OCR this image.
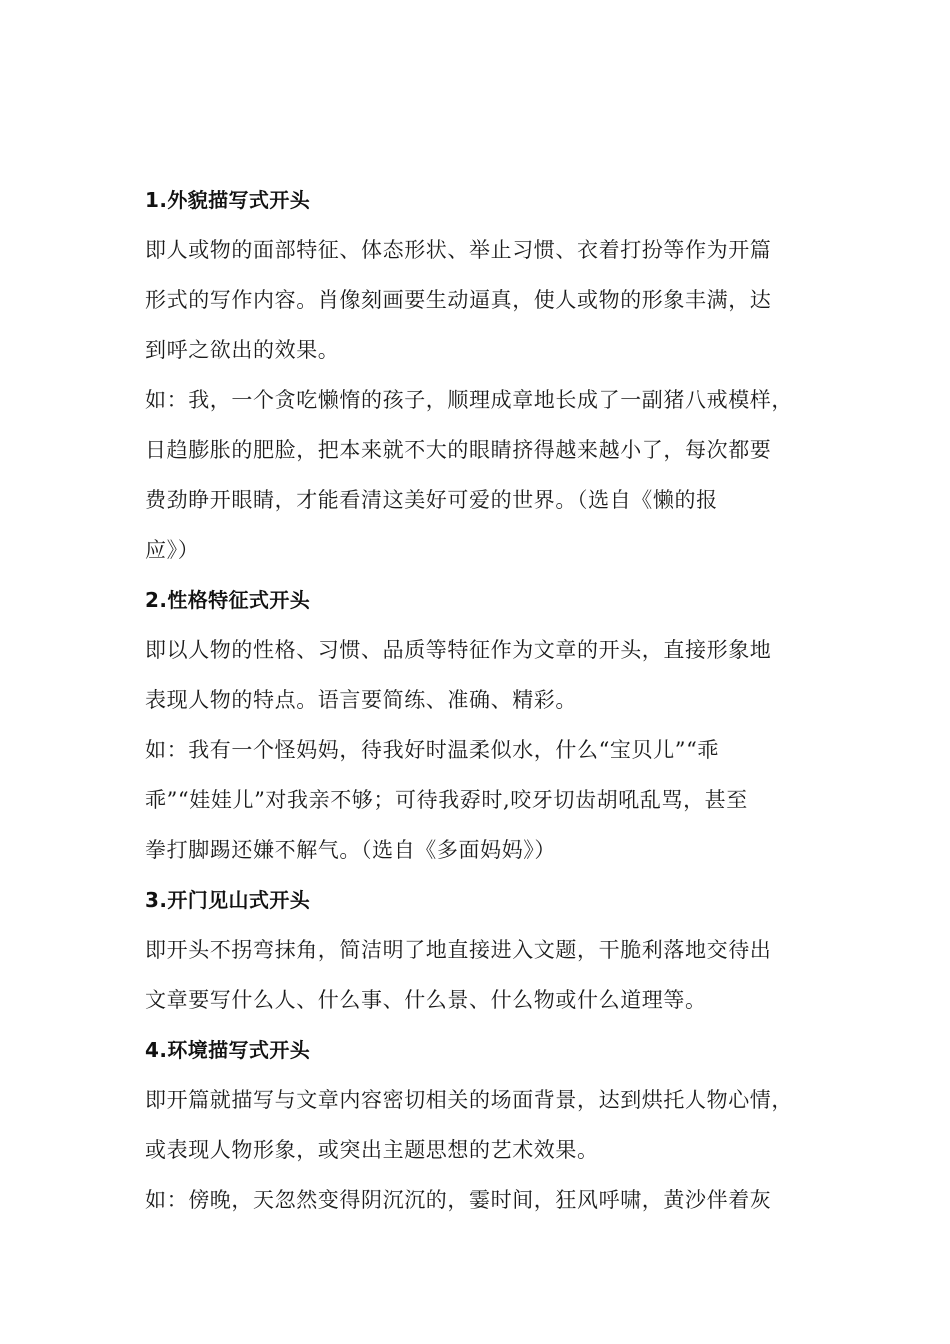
1.外貌描写式开头
即人或物的面部特征、体态形状、举止习惯、衣着打扮等作为开篇
形式的写作内容。肖像刻画要生动逼真，使人或物的形象丰满，达
到呼之欲出的效果。
如：我，一个贪吃懒惰的孩子，顺理成章地长成了一副猪八戒模样，
日趋膨胀的肥脸，把本来就不大的眼睛挤得越来越小了，每次都要
费劲睁开眼睛，才能看清这美好可爱的世界。（选自《懒的报
应》）
2.性格特征式开头
即以人物的性格、习惯、品质等特征作为文章的开头，直接形象地
表现人物的特点。语言要简练、准确、精彩。
如：我有一个怪妈妈，待我好时温柔似水，什么“宝贝儿”“乖
乖”“娃娃儿”对我亲不够；可待我孬时,咬牙切齿胡吼乱骂，甚至
拳打脚踢还嫌不解气。（选自《多面妈妈》）
3.开门见山式开头
即开头不拐弯抹角，简洁明了地直接进入文题，干脆利落地交待出
文章要写什么人、什么事、什么景、什么物或什么道理等。
4.环境描写式开头
即开篇就描写与文章内容密切相关的场面背景，达到烘托人物心情，
或表现人物形象，或突出主题思想的艺术效果。
如：傍晚，天忽然变得阴沉沉的，霎时间，狂风呼啸，黄沙伴着灰
